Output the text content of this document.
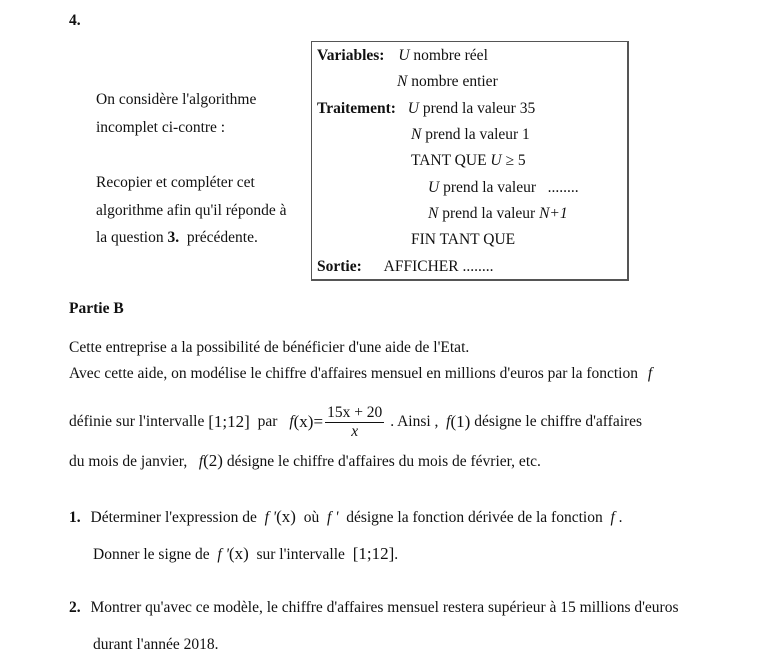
4.
On considère l'algorithme
incomplet ci-contre :
Recopier et compléter cet
algorithme afin qu'il réponde à
la question 3.  précédente.
Variables: U nombre réel
N nombre entier
Traitement: U prend la valeur 35
N prend la valeur 1
TANT QUE U ≥ 5
U prend la valeur   ........
N prend la valeur N+1
FIN TANT QUE
Sortie: AFFICHER ........
Partie B
Cette entreprise a la possibilité de bénéficier d'une aide de l'Etat.
Avec cette aide, on modélise le chiffre d'affaires mensuel en millions d'euros par la fonction f
définie sur l'intervalle [1;12] par f $(x)= \frac{15x + 20}{x}$ . Ainsi , f (1) désigne le chiffre d'affaires
du mois de janvier,   f(2) désigne le chiffre d'affaires du mois de février, etc.
1. Déterminer l'expression de  f '(x)  où  f '  désigne la fonction dérivée de la fonction  f .
Donner le signe de  f '(x)  sur l'intervalle  [1;12].
2. Montrer qu'avec ce modèle, le chiffre d'affaires mensuel restera supérieur à 15 millions d'euros
durant l'année 2018.
